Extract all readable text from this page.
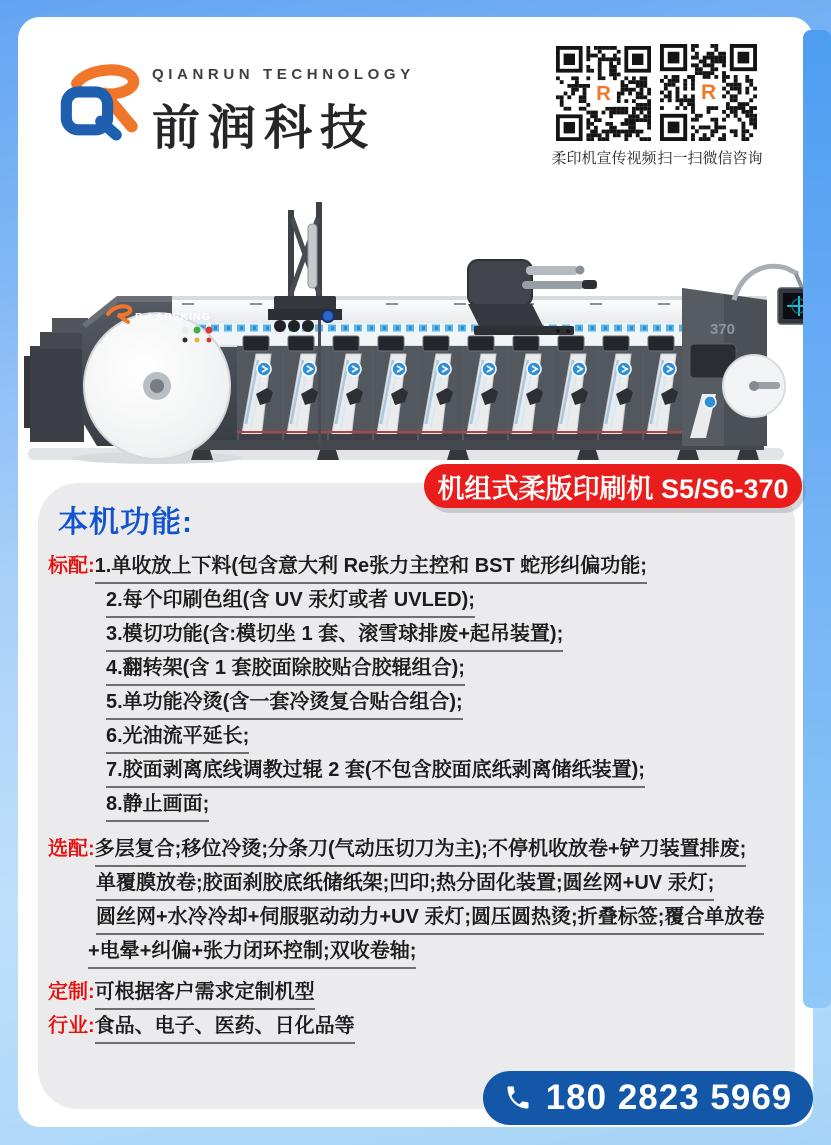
QIANRUN TECHNOLOGY
前润科技
R	R
柔印机宣传视频 扫一扫微信咨询
370
R-LABEKING
机组式柔版印刷机 S5/S6-370
本机功能:
标配: 1.单收放上下料(包含意大利 Re张力主控和 BST 蛇形纠偏功能;
2.每个印刷色组(含 UV 汞灯或者 UVLED);
3.模切功能(含:模切坐 1 套、滚雪球排废+起吊装置);
4.翻转架(含 1 套胶面除胶贴合胶辊组合);
5.单功能冷烫(含一套冷烫复合贴合组合);
6.光油流平延长;
7.胶面剥离底线调教过辊 2 套(不包含胶面底纸剥离储纸装置);
8.静止画面;
选配: 多层复合;移位冷烫;分条刀(气动压切刀为主);不停机收放卷+铲刀装置排废;
单覆膜放卷;胶面刹胶底纸储纸架;凹印;热分固化装置;圆丝网+UV 汞灯;
圆丝网+水冷冷却+伺服驱动动力+UV 汞灯;圆压圆热烫;折叠标签;覆合单放卷
+电晕+纠偏+张力闭环控制;双收卷轴;
定制: 可根据客户需求定制机型
行业: 食品、电子、医药、日化品等
180 2823 5969
